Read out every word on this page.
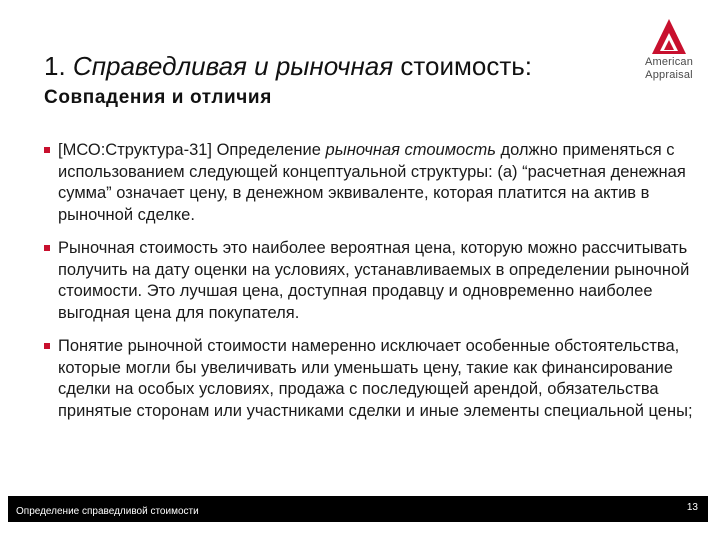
1. Справедливая и рыночная стоимость:
Совпадения и отличия
American
Appraisal
[МСО:Структура-31] Определение рыночная стоимость должно применяться с использованием следующей концептуальной структуры: (а) “расчетная денежная сумма” означает цену, в денежном эквиваленте, которая платится на актив в рыночной сделке.
Рыночная стоимость это наиболее вероятная цена, которую можно рассчитывать получить на дату оценки на условиях, устанавливаемых в определении рыночной стоимости. Это лучшая цена, доступная продавцу и одновременно наиболее выгодная цена для покупателя.
Понятие рыночной стоимости намеренно исключает особенные обстоятельства, которые могли бы увеличивать или уменьшать цену, такие как финансирование сделки на особых условиях, продажа с последующей арендой, обязательства принятые сторонам или участниками сделки и иные элементы специальной цены;
Определение справедливой стоимости	13
